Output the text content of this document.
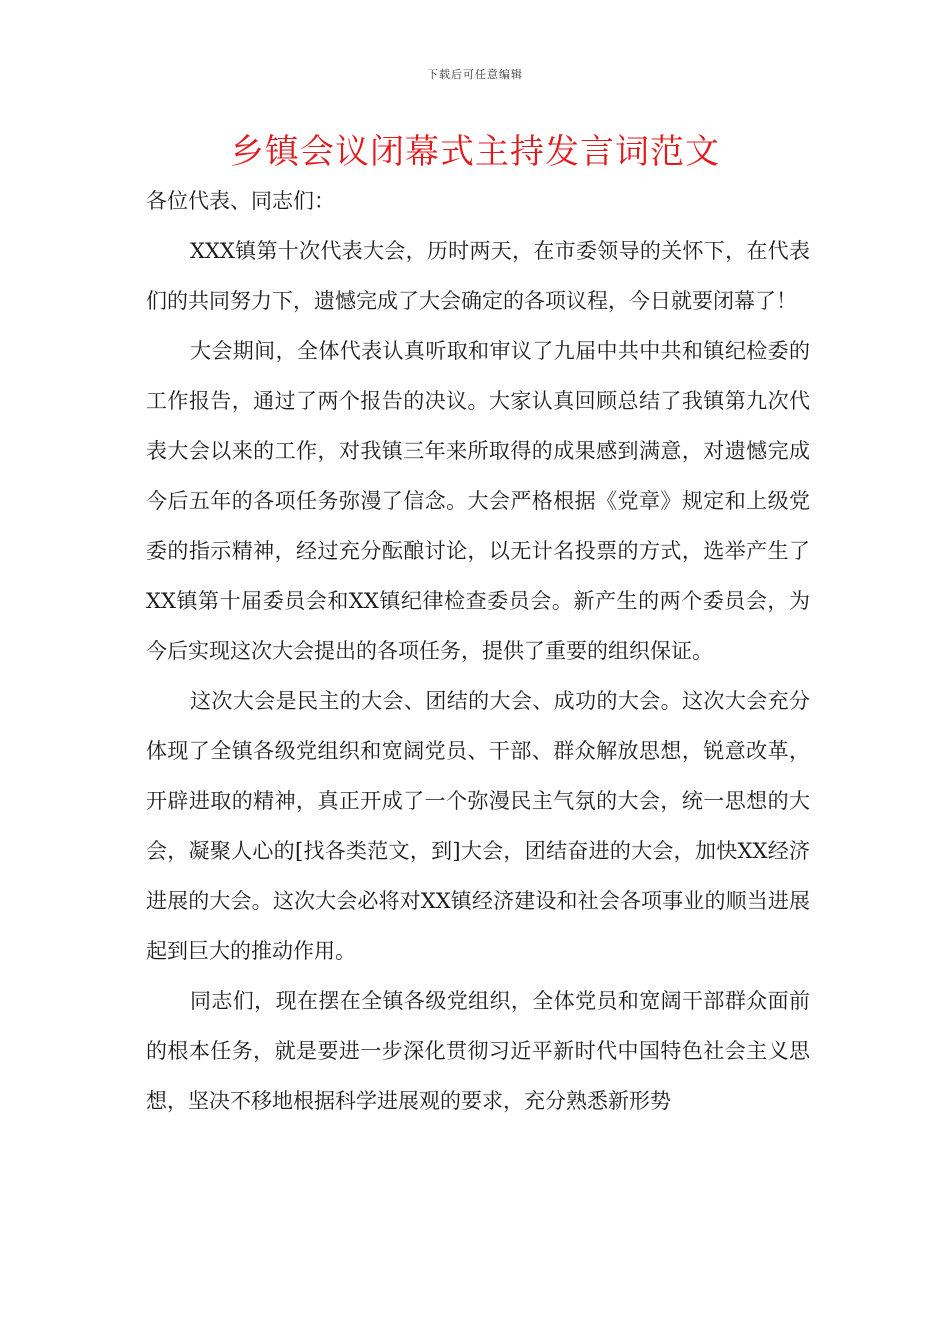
下载后可任意编辑
乡镇会议闭幕式主持发言词范文

各位代表、同志们：

XXX镇第十次代表大会，历时两天，在市委领导的关怀下，在代表们的共同努力下，遗憾完成了大会确定的各项议程，今日就要闭幕了！

大会期间，全体代表认真听取和审议了九届中共中共和镇纪检委的工作报告，通过了两个报告的决议。大家认真回顾总结了我镇第九次代表大会以来的工作，对我镇三年来所取得的成果感到满意，对遗憾完成今后五年的各项任务弥漫了信念。大会严格根据《党章》规定和上级党委的指示精神，经过充分酝酿讨论，以无计名投票的方式，选举产生了XX镇第十届委员会和XX镇纪律检查委员会。新产生的两个委员会，为今后实现这次大会提出的各项任务，提供了重要的组织保证。

这次大会是民主的大会、团结的大会、成功的大会。这次大会充分体现了全镇各级党组织和宽阔党员、干部、群众解放思想，锐意改革，开辟进取的精神，真正开成了一个弥漫民主气氛的大会，统一思想的大会，凝聚人心的[找各类范文，到]大会，团结奋进的大会，加快XX经济进展的大会。这次大会必将对XX镇经济建设和社会各项事业的顺当进展起到巨大的推动作用。

同志们，现在摆在全镇各级党组织，全体党员和宽阔干部群众面前的根本任务，就是要进一步深化贯彻习近平新时代中国特色社会主义思想，坚决不移地根据科学进展观的要求，充分熟悉新形势
